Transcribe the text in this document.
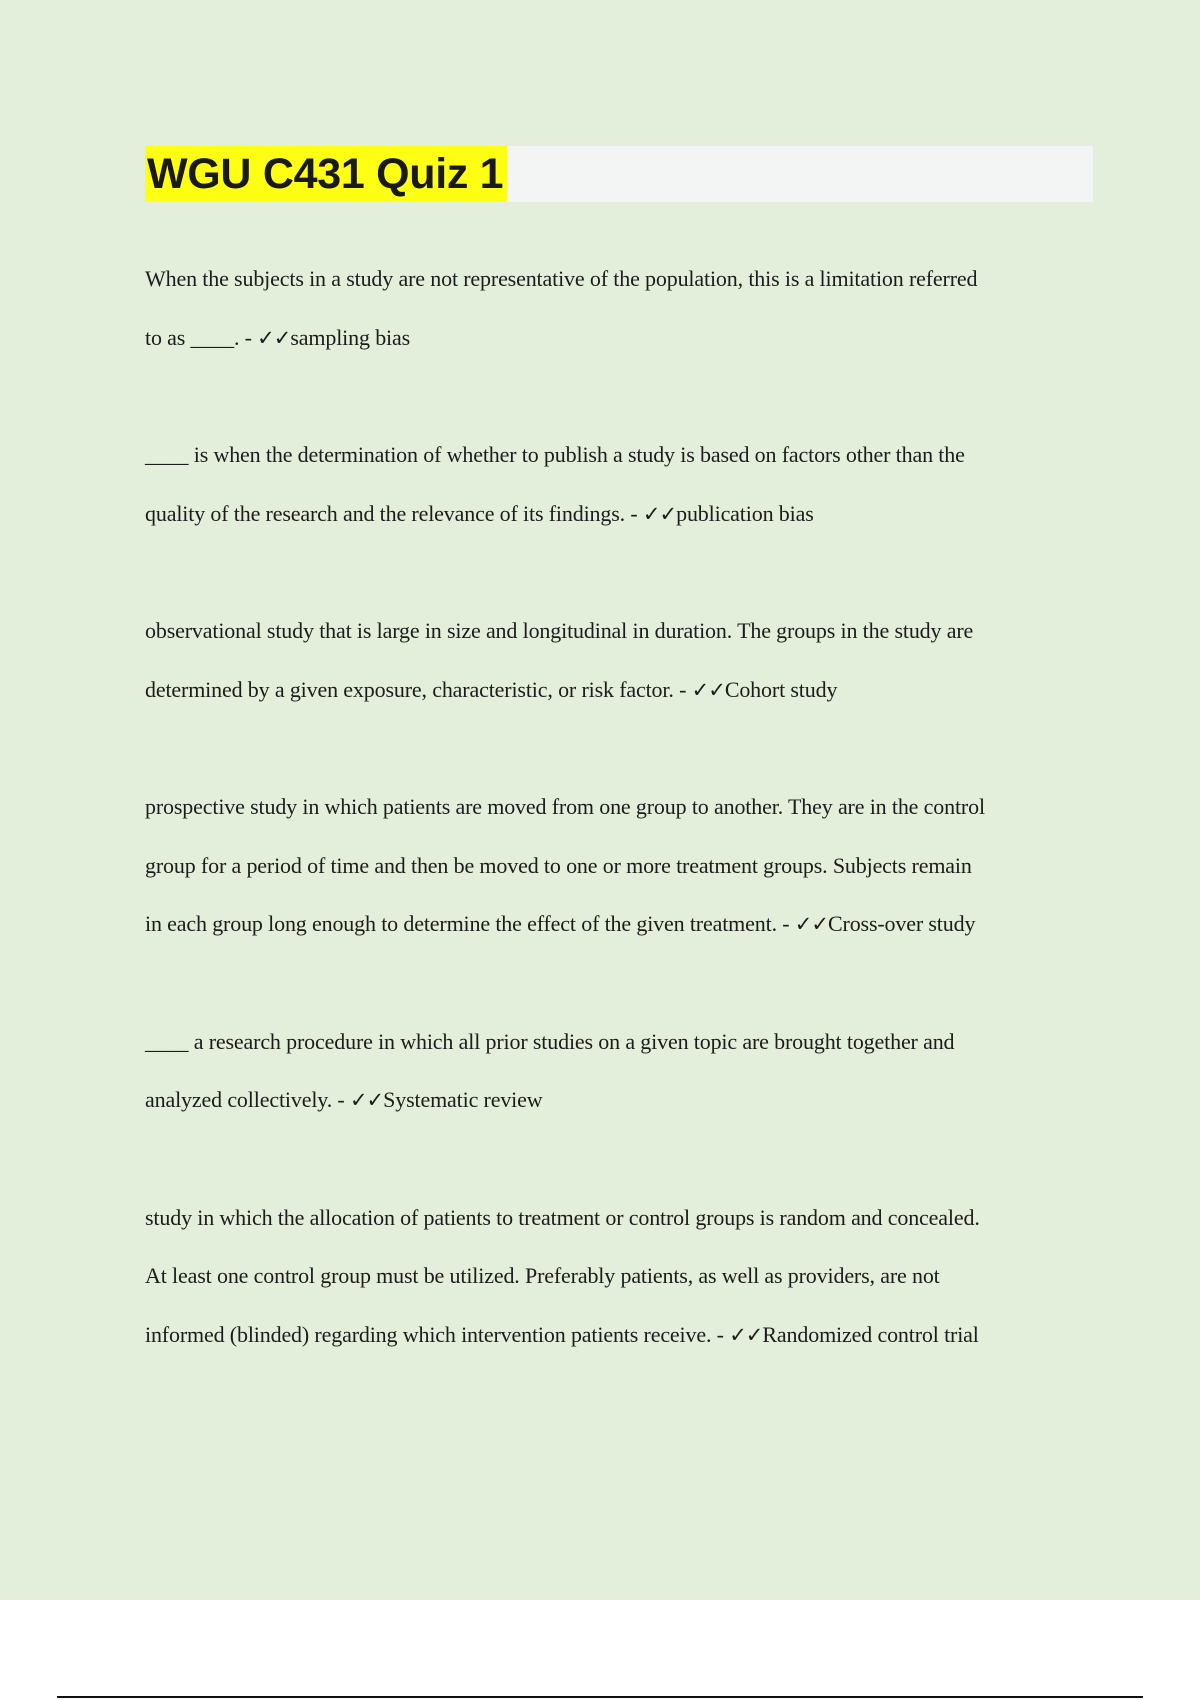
WGU C431 Quiz 1
When the subjects in a study are not representative of the population, this is a limitation referred
to as ____. - ✓✓sampling bias
____ is when the determination of whether to publish a study is based on factors other than the
quality of the research and the relevance of its findings. - ✓✓publication bias
observational study that is large in size and longitudinal in duration. The groups in the study are
determined by a given exposure, characteristic, or risk factor. - ✓✓Cohort study
prospective study in which patients are moved from one group to another. They are in the control
group for a period of time and then be moved to one or more treatment groups. Subjects remain
in each group long enough to determine the effect of the given treatment. - ✓✓Cross-over study
____ a research procedure in which all prior studies on a given topic are brought together and
analyzed collectively. - ✓✓Systematic review
study in which the allocation of patients to treatment or control groups is random and concealed.
At least one control group must be utilized. Preferably patients, as well as providers, are not
informed (blinded) regarding which intervention patients receive. - ✓✓Randomized control trial
